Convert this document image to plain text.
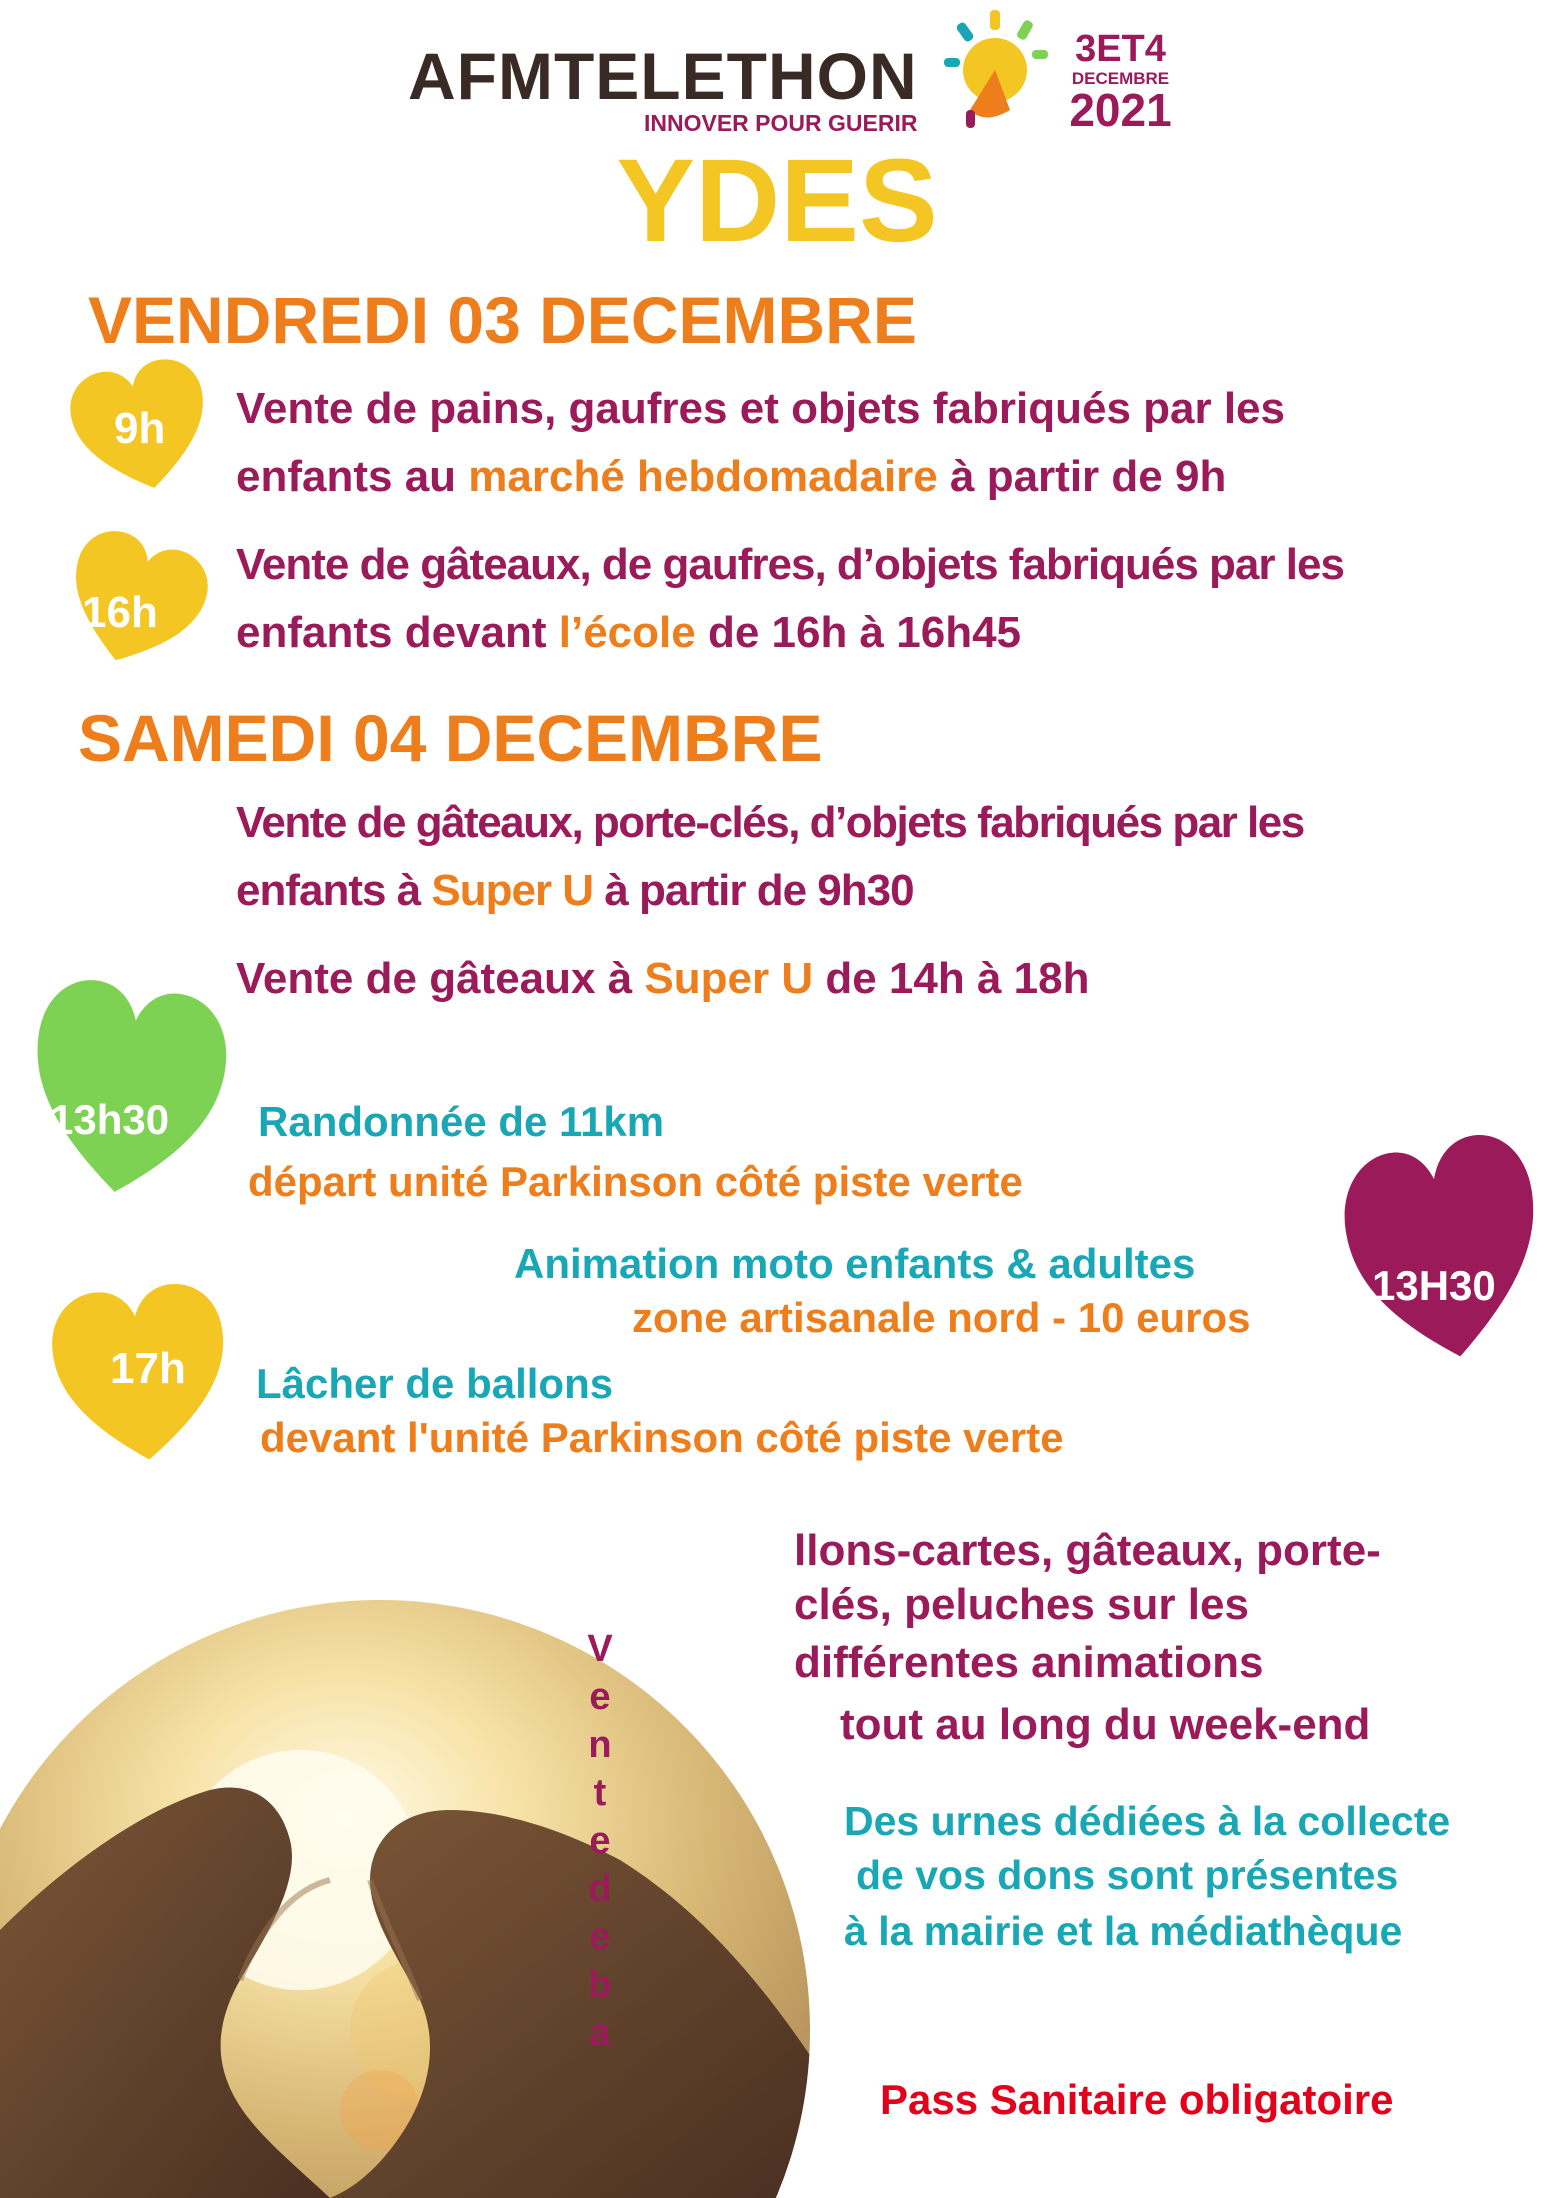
AFMTELETHON
INNOVER POUR GUERIR
3ET4
DECEMBRE
2021
YDES
VENDREDI 03 DECEMBRE
9h Vente de pains, gaufres et objets fabriqués par les
enfants au marché hebdomadaire à partir de 9h
16h
Vente de gâteaux, de gaufres, d’objets fabriqués par les
enfants devant l’école de 16h à 16h45
SAMEDI 04 DECEMBRE
Vente de gâteaux, porte-clés, d’objets fabriqués par les
enfants à Super U à partir de 9h30
Vente de gâteaux à Super U de 14h à 18h
13h30 Randonnée de 11km
départ unité Parkinson côté piste verte
13H30
Animation moto enfants & adultes
zone artisanale nord - 10 euros
17h Lâcher de ballons
devant l'unité Parkinson côté piste verte
V
e
n
t
e
d
e
b
a
llons-cartes, gâteaux, porte-
clés, peluches sur les
différentes animations
tout au long du week-end
Des urnes dédiées à la collecte
de vos dons sont présentes
à la mairie et la médiathèque
Pass Sanitaire obligatoire
